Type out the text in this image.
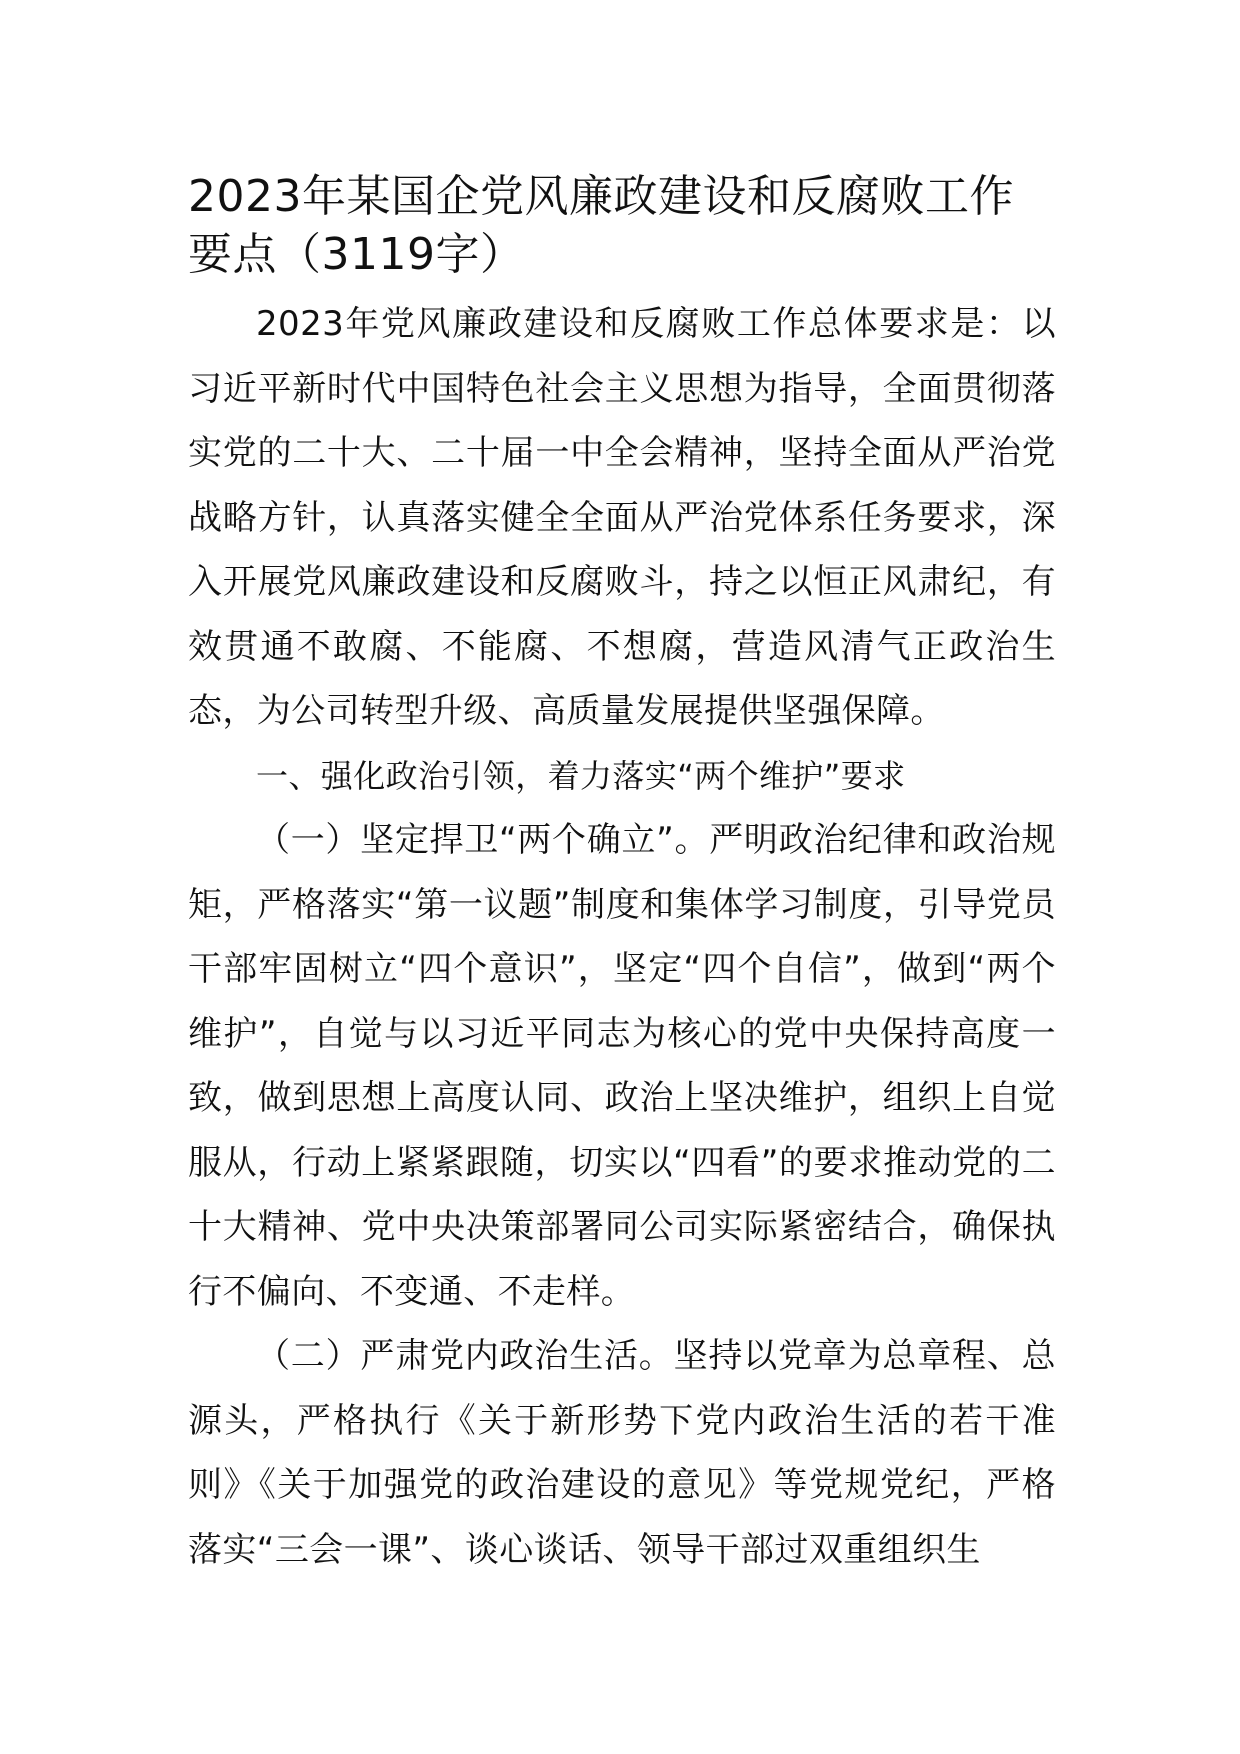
2023年某国企党风廉政建设和反腐败工作要点（3119字）

2023年党风廉政建设和反腐败工作总体要求是：以习近平新时代中国特色社会主义思想为指导，全面贯彻落实党的二十大、二十届一中全会精神，坚持全面从严治党战略方针，认真落实健全全面从严治党体系任务要求，深入开展党风廉政建设和反腐败斗，持之以恒正风肃纪，有效贯通不敢腐、不能腐、不想腐，营造风清气正政治生态，为公司转型升级、高质量发展提供坚强保障。

一、强化政治引领，着力落实“两个维护”要求

（一）坚定捍卫“两个确立”。严明政治纪律和政治规矩，严格落实“第一议题”制度和集体学习制度，引导党员干部牢固树立“四个意识”，坚定“四个自信”，做到“两个维护”，自觉与以习近平同志为核心的党中央保持高度一致，做到思想上高度认同、政治上坚决维护，组织上自觉服从，行动上紧紧跟随，切实以“四看”的要求推动党的二十大精神、党中央决策部署同公司实际紧密结合，确保执行不偏向、不变通、不走样。

（二）严肃党内政治生活。坚持以党章为总章程、总源头，严格执行《关于新形势下党内政治生活的若干准则》《关于加强党的政治建设的意见》等党规党纪，严格落实“三会一课”、谈心谈话、领导干部过双重组织生
